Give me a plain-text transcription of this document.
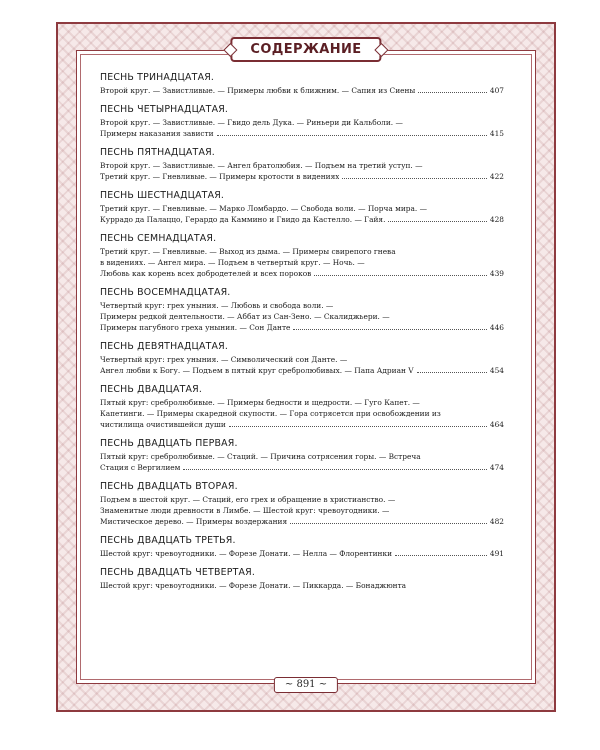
СОДЕРЖАНИЕ
~ 891 ~
ПЕСНЬ ТРИНАДЦАТАЯ.
Второй круг. — Завистливые. — Примеры любви к ближним. — Сапия из Сиены	407
ПЕСНЬ ЧЕТЫРНАДЦАТАЯ.
Второй круг. — Завистливые. — Гвидо дель Дука. — Риньери ди Кальболи. —
Примеры наказания зависти	415
ПЕСНЬ ПЯТНАДЦАТАЯ.
Второй круг. — Завистливые. — Ангел братолюбия. — Подъем на третий уступ. —
Третий круг. — Гневливые. — Примеры кротости в видениях	422
ПЕСНЬ ШЕСТНАДЦАТАЯ.
Третий круг. — Гневливые. — Марко Ломбардо. — Свобода воли. — Порча мира. —
Куррадо да Палаццо, Герардо да Каммино и Гвидо да Кастелло. — Гайя.	428
ПЕСНЬ СЕМНАДЦАТАЯ.
Третий круг. — Гневливые. — Выход из дыма. — Примеры свирепого гнева
в видениях. — Ангел мира. — Подъем в четвертый круг. — Ночь. —
Любовь как корень всех добродетелей и всех пороков	439
ПЕСНЬ ВОСЕМНАДЦАТАЯ.
Четвертый круг: грех уныния. — Любовь и свобода воли. —
Примеры редкой деятельности. — Аббат из Сан-Зено. — Скалиджьери. —
Примеры пагубного греха уныния. — Сон Данте	446
ПЕСНЬ ДЕВЯТНАДЦАТАЯ.
Четвертый круг: грех уныния. — Символический сон Данте. —
Ангел любви к Богу. — Подъем в пятый круг сребролюбивых. — Папа Адриан V	454
ПЕСНЬ ДВАДЦАТАЯ.
Пятый круг: сребролюбивые. — Примеры бедности и щедрости. — Гуго Капет. —
Капетинги. — Примеры скаредной скупости. — Гора сотрясется при освобождении из
чистилища очистившейся души	464
ПЕСНЬ ДВАДЦАТЬ ПЕРВАЯ.
Пятый круг: сребролюбивые. — Стаций. — Причина сотрясения горы. — Встреча
Стация с Вергилием	474
ПЕСНЬ ДВАДЦАТЬ ВТОРАЯ.
Подъем в шестой круг. — Стаций, его грех и обращение в христианство. —
Знаменитые люди древности в Лимбе. — Шестой круг: чревоугодники. —
Мистическое дерево. — Примеры воздержания	482
ПЕСНЬ ДВАДЦАТЬ ТРЕТЬЯ.
Шестой круг: чревоугодники. — Форезе Донати. — Нелла — Флорентинки	491
ПЕСНЬ ДВАДЦАТЬ ЧЕТВЕРТАЯ.
Шестой круг: чревоугодники. — Форезе Донати. — Пиккарда. — Бонаджюнта
